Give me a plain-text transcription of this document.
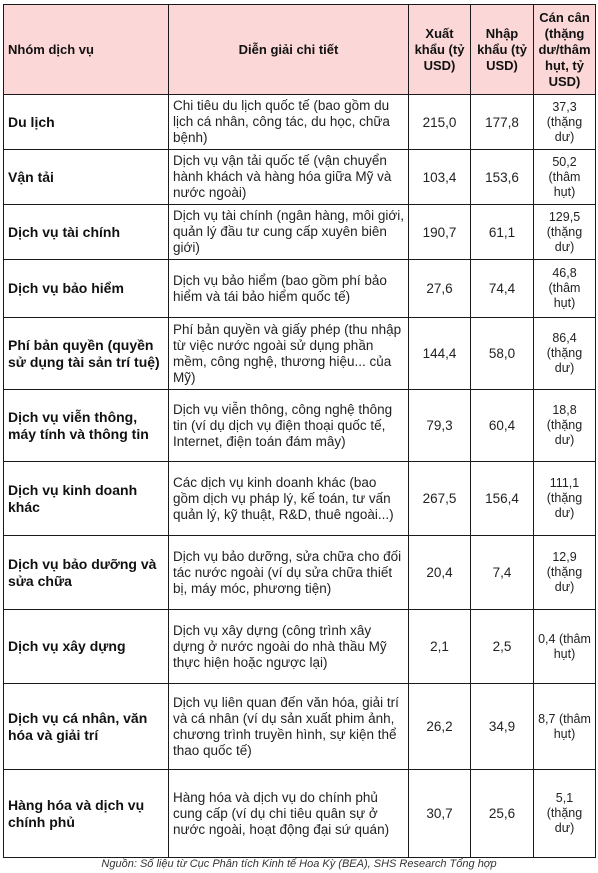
Nhóm dịch vụ	Diễn giải chi tiết	Xuất khẩu (tỷ USD)	Nhập khẩu (tỷ USD)	Cán cân (thặng dư/thâm hụt, tỷ USD)
Du lịch	Chi tiêu du lịch quốc tế (bao gồm du lịch cá nhân, công tác, du học, chữa bệnh)	215,0	177,8	37,3 (thặng dư)
Vận tải	Dịch vụ vận tải quốc tế (vận chuyển hành khách và hàng hóa giữa Mỹ và nước ngoài)	103,4	153,6	50,2 (thâm hụt)
Dịch vụ tài chính	Dịch vụ tài chính (ngân hàng, môi giới, quản lý đầu tư cung cấp xuyên biên giới)	190,7	61,1	129,5 (thặng dư)
Dịch vụ bảo hiểm	Dịch vụ bảo hiểm (bao gồm phí bảo hiểm và tái bảo hiểm quốc tế)	27,6	74,4	46,8 (thâm hụt)
Phí bản quyền (quyền sử dụng tài sản trí tuệ)	Phí bản quyền và giấy phép (thu nhập từ việc nước ngoài sử dụng phần mềm, công nghệ, thương hiệu... của Mỹ)	144,4	58,0	86,4 (thặng dư)
Dịch vụ viễn thông, máy tính và thông tin	Dịch vụ viễn thông, công nghệ thông tin (ví dụ dịch vụ điện thoại quốc tế, Internet, điện toán đám mây)	79,3	60,4	18,8 (thặng dư)
Dịch vụ kinh doanh khác	Các dịch vụ kinh doanh khác (bao gồm dịch vụ pháp lý, kế toán, tư vấn quản lý, kỹ thuật, R&D, thuê ngoài...)	267,5	156,4	111,1 (thặng dư)
Dịch vụ bảo dưỡng và sửa chữa	Dịch vụ bảo dưỡng, sửa chữa cho đối tác nước ngoài (ví dụ sửa chữa thiết bị, máy móc, phương tiện)	20,4	7,4	12,9 (thặng dư)
Dịch vụ xây dựng	Dịch vụ xây dựng (công trình xây dựng ở nước ngoài do nhà thầu Mỹ thực hiện hoặc ngược lại)	2,1	2,5	0,4 (thâm hụt)
Dịch vụ cá nhân, văn hóa và giải trí	Dịch vụ liên quan đến văn hóa, giải trí và cá nhân (ví dụ sản xuất phim ảnh, chương trình truyền hình, sự kiện thể thao quốc tế)	26,2	34,9	8,7 (thâm hụt)
Hàng hóa và dịch vụ chính phủ	Hàng hóa và dịch vụ do chính phủ cung cấp (ví dụ chi tiêu quân sự ở nước ngoài, hoạt động đại sứ quán)	30,7	25,6	5,1 (thặng dư)
Nguồn: Số liệu từ Cục Phân tích Kinh tế Hoa Kỳ (BEA), SHS Research Tổng hợp
